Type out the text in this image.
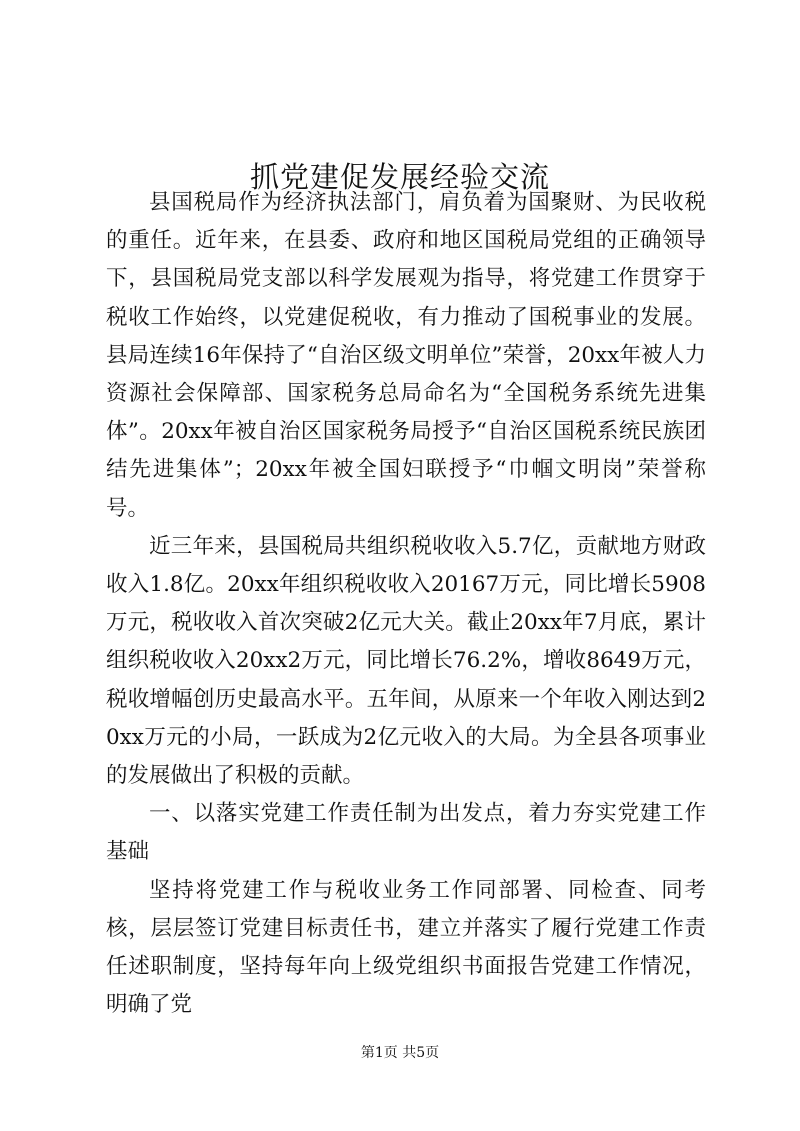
抓党建促发展经验交流

县国税局作为经济执法部门，肩负着为国聚财、为民收税的重任。近年来，在县委、政府和地区国税局党组的正确领导下，县国税局党支部以科学发展观为指导，将党建工作贯穿于税收工作始终，以党建促税收，有力推动了国税事业的发展。县局连续16年保持了“自治区级文明单位”荣誉，20xx年被人力资源社会保障部、国家税务总局命名为“全国税务系统先进集体”。20xx年被自治区国家税务局授予“自治区国税系统民族团结先进集体”；20xx年被全国妇联授予“巾帼文明岗”荣誉称号。

近三年来，县国税局共组织税收收入5.7亿，贡献地方财政收入1.8亿。20xx年组织税收收入20167万元，同比增长5908万元，税收收入首次突破2亿元大关。截止20xx年7月底，累计组织税收收入20xx2万元，同比增长76.2%，增收8649万元，税收增幅创历史最高水平。五年间，从原来一个年收入刚达到20xx万元的小局，一跃成为2亿元收入的大局。为全县各项事业的发展做出了积极的贡献。

一、以落实党建工作责任制为出发点，着力夯实党建工作基础

坚持将党建工作与税收业务工作同部署、同检查、同考核，层层签订党建目标责任书，建立并落实了履行党建工作责任述职制度，坚持每年向上级党组织书面报告党建工作情况，明确了党

第1页 共5页
